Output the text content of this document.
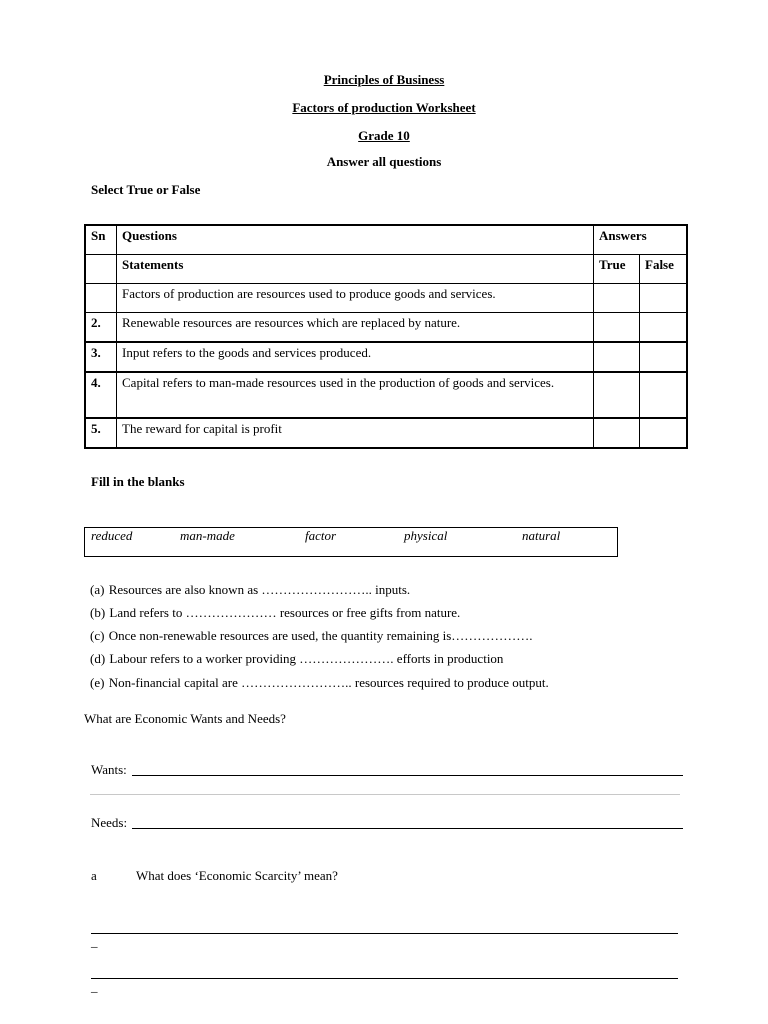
Principles of Business
Factors of production Worksheet
Grade 10
Answer all questions
Select True or False
Sn	Questions	Answers	
	Statements	True	False
	Factors of production are resources used to produce goods and services.		
2.	Renewable resources are resources which are replaced by nature.		
3.	Input refers to the goods and services produced.		
4.	Capital refers to man-made resources used in the production of goods and services.		
5.	The reward for capital is profit		
Fill in the blanks
reduced	man-made	factor	physical	natural
(a) Resources are also known as …………………….. inputs.
(b) Land refers to ………………… resources or free gifts from nature.
(c) Once non-renewable resources are used, the quantity remaining is……………….
(d) Labour refers to a worker providing …………………. efforts in production
(e) Non-financial capital are …………………….. resources required to produce output.
What are Economic Wants and Needs?
Wants:
Needs:
a	What does ‘Economic Scarcity’ mean?
_
_
